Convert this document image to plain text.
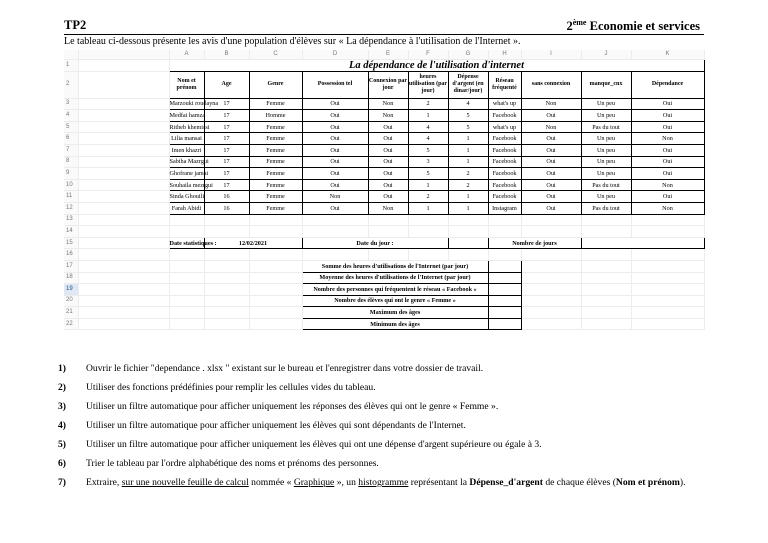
TP2	2ème Economie et services
Le tableau ci-dessous présente les avis d'une population d'élèves sur « La dépendance à l'utilisation de l'Internet ».
		A	B	C	D	E	F	G	H	I	J	K
1		La dépendance de l'utilisation d'internet										
2		Nom et prénom	Age	Genre	Possession tel	Connexion par jour	heures utilisation (par jour)	Dépense d'argent (en dinar/jour)	Réseau fréquenté	sans connexion	manque_cnx	Dépendance
3		Marzouki roudayna	17	Femme	Oui	Non	2	4	what's up	Non	Un peu	Oui
4		Medfai hamza	17	Homme	Oui	Non	1	5	Facebook	Oui	Un peu	Oui
5		Ritheb khemissi	17	Femme	Oui	Oui	4	5	what's up	Non	Pas du tout	Oui
6		Lilia mansai	17	Femme	Oui	Oui	4	1	Facebook	Oui	Un peu	Non
7		Imen khazri	17	Femme	Oui	Oui	5	1	Facebook	Oui	Un peu	Oui
8		Sabiha Mazrgui	17	Femme	Oui	Oui	3	1	Facebook	Oui	Un peu	Oui
9		Ghofrane jamai	17	Femme	Oui	Oui	5	2	Facebook	Oui	Un peu	Oui
10		Souhaila mezrgui	17	Femme	Oui	Oui	1	2	Facebook	Oui	Pas du tout	Non
11		Sinda Ghouili	16	Femme	Non	Oui	2	1	Facebook	Oui	Un peu	Oui
12		Farah Abidi	16	Femme	Oui	Non	1	1	Instagram	Oui	Pas du tout	Non
13												
14												
15		Date statistiques :	12/02/2021		Date du jour :				Nombre de jours			
16												
17					Somme des heures d'utilisations de l'Internet (par jour)							
18					Moyenne des heures d'utilisations de l'Internet (par jour)							
19					Nombre des personnes qui fréquentent le réseau « Facebook »							
20					Nombre des élèves qui ont le genre « Femme »							
21					Maximum des âges							
22					Minimum des âges							
1) Ouvrir le fichier "dependance . xlsx " existant sur le bureau et l'enregistrer dans votre dossier de travail.
2) Utiliser des fonctions prédéfinies pour remplir les cellules vides du tableau.
3) Utiliser un filtre automatique pour afficher uniquement les réponses des élèves qui ont le genre « Femme ».
4) Utiliser un filtre automatique pour afficher uniquement les élèves qui sont dépendants de l'Internet.
5) Utiliser un filtre automatique pour afficher uniquement les élèves qui ont une dépense d'argent supérieure ou égale à 3.
6) Trier le tableau par l'ordre alphabétique des noms et prénoms des personnes.
7) Extraire, sur une nouvelle feuille de calcul nommée « Graphique », un histogramme représentant la Dépense_d'argent de chaque élèves (Nom et prénom).
